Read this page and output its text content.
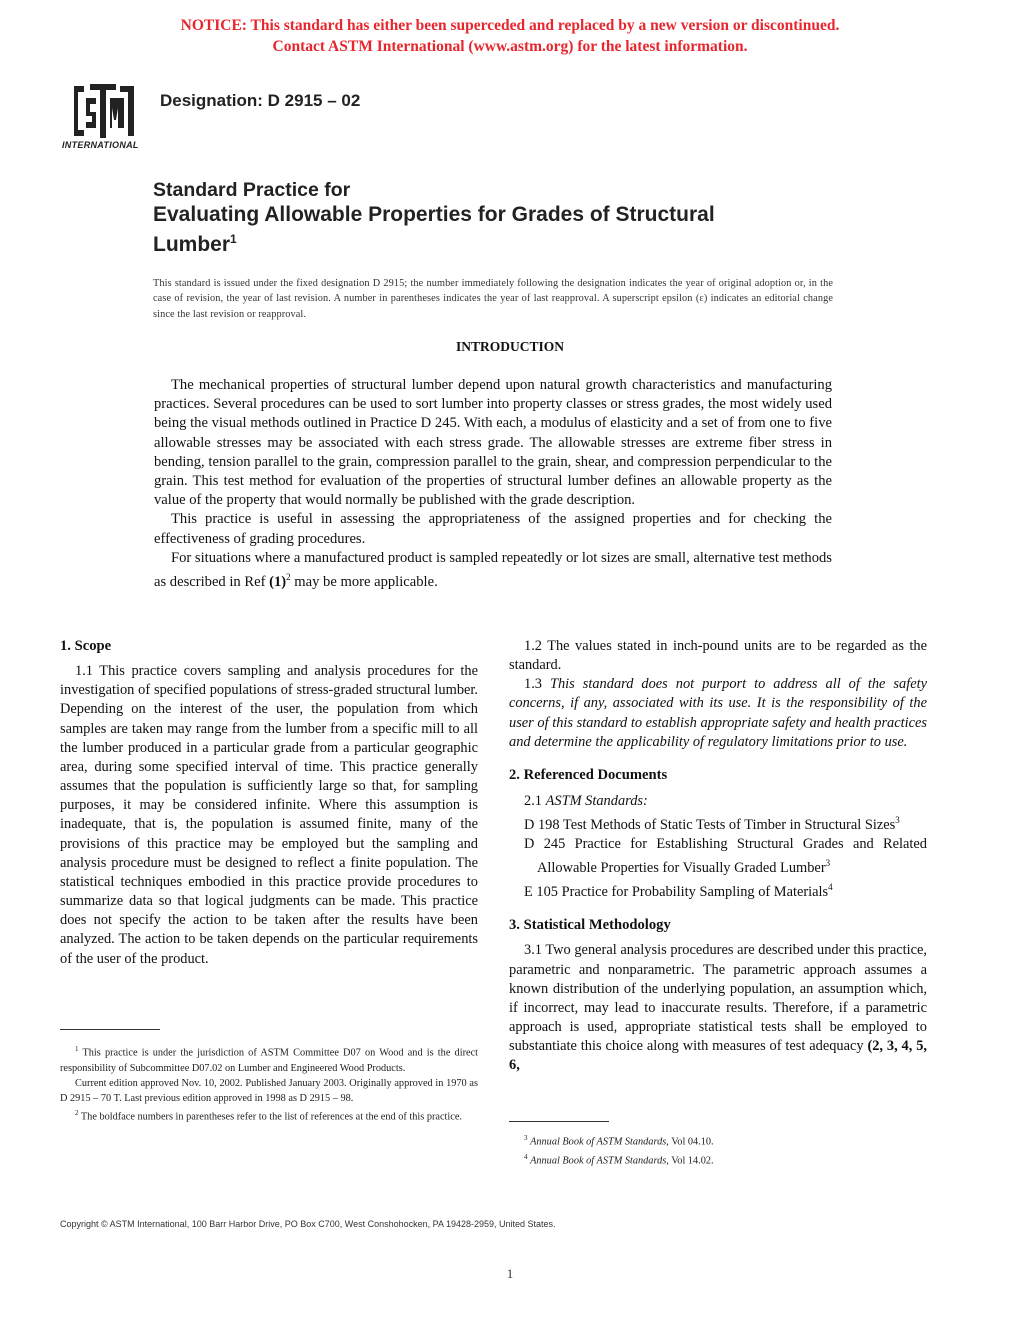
NOTICE: This standard has either been superceded and replaced by a new version or discontinued.
Contact ASTM International (www.astm.org) for the latest information.
INTERNATIONAL
Designation: D 2915 – 02
Standard Practice for
Evaluating Allowable Properties for Grades of Structural
Lumber$^1$
This standard is issued under the fixed designation D 2915; the number immediately following the designation indicates the year of original adoption or, in the case of revision, the year of last revision. A number in parentheses indicates the year of last reapproval. A superscript epsilon (ε) indicates an editorial change since the last revision or reapproval.
INTRODUCTION

The mechanical properties of structural lumber depend upon natural growth characteristics and manufacturing practices. Several procedures can be used to sort lumber into property classes or stress grades, the most widely used being the visual methods outlined in Practice D 245. With each, a modulus of elasticity and a set of from one to five allowable stresses may be associated with each stress grade. The allowable stresses are extreme fiber stress in bending, tension parallel to the grain, compression parallel to the grain, shear, and compression perpendicular to the grain. This test method for evaluation of the properties of structural lumber defines an allowable property as the value of the property that would normally be published with the grade description.

This practice is useful in assessing the appropriateness of the assigned properties and for checking the effectiveness of grading procedures.

For situations where a manufactured product is sampled repeatedly or lot sizes are small, alternative test methods as described in Ref $(1)^2$ may be more applicable.

1. Scope

1.1 This practice covers sampling and analysis procedures for the investigation of specified populations of stress-graded structural lumber. Depending on the interest of the user, the population from which samples are taken may range from the lumber from a specific mill to all the lumber produced in a particular grade from a particular geographic area, during some specified interval of time. This practice generally assumes that the population is sufficiently large so that, for sampling purposes, it may be considered infinite. Where this assumption is inadequate, that is, the population is assumed finite, many of the provisions of this practice may be employed but the sampling and analysis procedure must be designed to reflect a finite population. The statistical techniques embodied in this practice provide procedures to summarize data so that logical judgments can be made. This practice does not specify the action to be taken after the results have been analyzed. The action to be taken depends on the particular requirements of the user of the product.

$^1$ This practice is under the jurisdiction of ASTM Committee D07 on Wood and is the direct responsibility of Subcommittee D07.02 on Lumber and Engineered Wood Products.

Current edition approved Nov. 10, 2002. Published January 2003. Originally approved in 1970 as D 2915 – 70 T. Last previous edition approved in 1998 as D 2915 – 98.

$^2$ The boldface numbers in parentheses refer to the list of references at the end of this practice.

1.2 The values stated in inch-pound units are to be regarded as the standard.

1.3 This standard does not purport to address all of the safety concerns, if any, associated with its use. It is the responsibility of the user of this standard to establish appropriate safety and health practices and determine the applicability of regulatory limitations prior to use.

2. Referenced Documents

2.1 ASTM Standards:

D 198 Test Methods of Static Tests of Timber in Structural Sizes$^3$

D 245 Practice for Establishing Structural Grades and Related Allowable Properties for Visually Graded Lumber$^3$

E 105 Practice for Probability Sampling of Materials$^4$

3. Statistical Methodology

3.1 Two general analysis procedures are described under this practice, parametric and nonparametric. The parametric approach assumes a known distribution of the underlying population, an assumption which, if incorrect, may lead to inaccurate results. Therefore, if a parametric approach is used, appropriate statistical tests shall be employed to substantiate this choice along with measures of test adequacy (2, 3, 4, 5, 6,

$^3$ Annual Book of ASTM Standards, Vol 04.10.

$^4$ Annual Book of ASTM Standards, Vol 14.02.

Copyright © ASTM International, 100 Barr Harbor Drive, PO Box C700, West Conshohocken, PA 19428-2959, United States.
1
